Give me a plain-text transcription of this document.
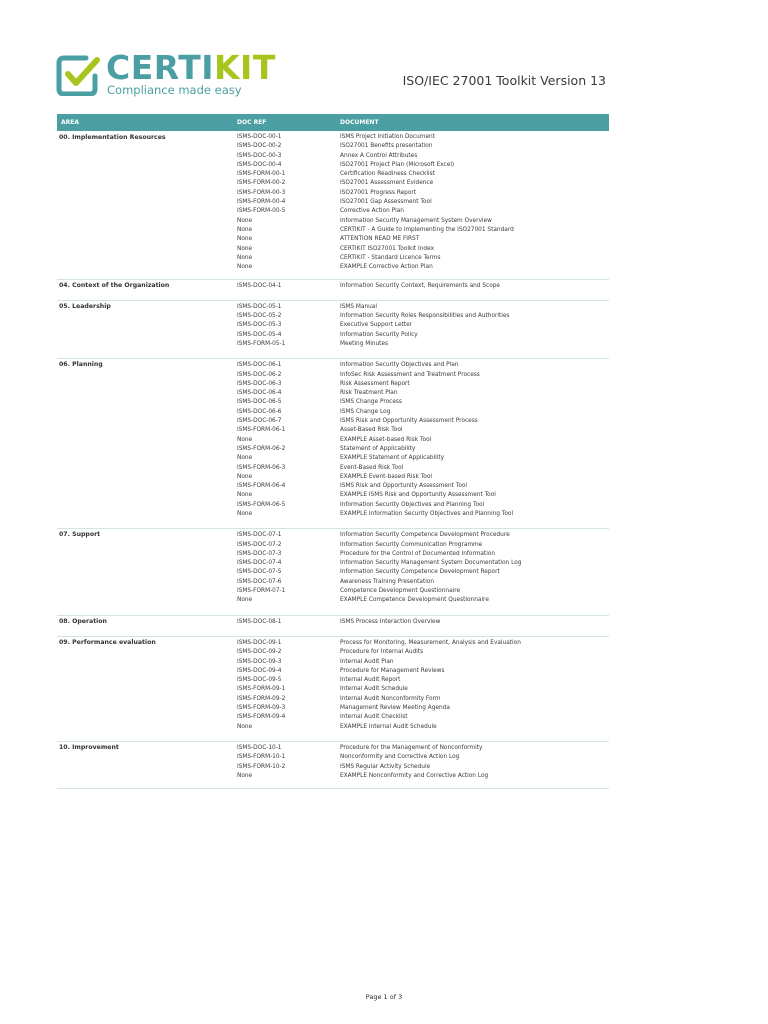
CERTIKIT
Compliance made easy
ISO/IEC 27001 Toolkit Version 13
AREA	DOC REF	DOCUMENT
00. Implementation Resources	ISMS-DOC-00-1	ISMS Project Initiation Document
ISMS-DOC-00-2	ISO27001 Benefits presentation
ISMS-DOC-00-3	Annex A Control Attributes
ISMS-DOC-00-4	ISO27001 Project Plan (Microsoft Excel)
ISMS-FORM-00-1	Certification Readiness Checklist
ISMS-FORM-00-2	ISO27001 Assessment Evidence
ISMS-FORM-00-3	ISO27001 Progress Report
ISMS-FORM-00-4	ISO27001 Gap Assessment Tool
ISMS-FORM-00-5	Corrective Action Plan
None	Information Security Management System Overview
None	CERTIKIT - A Guide to implementing the ISO27001 Standard
None	ATTENTION READ ME FIRST
None	CERTIKIT ISO27001 Toolkit Index
None	CERTIKIT - Standard Licence Terms
None	EXAMPLE Corrective Action Plan
04. Context of the Organization	ISMS-DOC-04-1	Information Security Context, Requirements and Scope
05. Leadership	ISMS-DOC-05-1	ISMS Manual
ISMS-DOC-05-2	Information Security Roles Responsibilities and Authorities
ISMS-DOC-05-3	Executive Support Letter
ISMS-DOC-05-4	Information Security Policy
ISMS-FORM-05-1	Meeting Minutes
06. Planning	ISMS-DOC-06-1	Information Security Objectives and Plan
ISMS-DOC-06-2	InfoSec Risk Assessment and Treatment Process
ISMS-DOC-06-3	Risk Assessment Report
ISMS-DOC-06-4	Risk Treatment Plan
ISMS-DOC-06-5	ISMS Change Process
ISMS-DOC-06-6	ISMS Change Log
ISMS-DOC-06-7	ISMS Risk and Opportunity Assessment Process
ISMS-FORM-06-1	Asset-Based Risk Tool
None	EXAMPLE Asset-based Risk Tool
ISMS-FORM-06-2	Statement of Applicability
None	EXAMPLE Statement of Applicability
ISMS-FORM-06-3	Event-Based Risk Tool
None	EXAMPLE Event-based Risk Tool
ISMS-FORM-06-4	ISMS Risk and Opportunity Assessment Tool
None	EXAMPLE ISMS Risk and Opportunity Assessment Tool
ISMS-FORM-06-5	Information Security Objectives and Planning Tool
None	EXAMPLE Information Security Objectives and Planning Tool
07. Support	ISMS-DOC-07-1	Information Security Competence Development Procedure
ISMS-DOC-07-2	Information Security Communication Programme
ISMS-DOC-07-3	Procedure for the Control of Documented Information
ISMS-DOC-07-4	Information Security Management System Documentation Log
ISMS-DOC-07-5	Information Security Competence Development Report
ISMS-DOC-07-6	Awareness Training Presentation
ISMS-FORM-07-1	Competence Development Questionnaire
None	EXAMPLE Competence Development Questionnaire
08. Operation	ISMS-DOC-08-1	ISMS Process Interaction Overview
09. Performance evaluation	ISMS-DOC-09-1	Process for Monitoring, Measurement, Analysis and Evaluation
ISMS-DOC-09-2	Procedure for Internal Audits
ISMS-DOC-09-3	Internal Audit Plan
ISMS-DOC-09-4	Procedure for Management Reviews
ISMS-DOC-09-5	Internal Audit Report
ISMS-FORM-09-1	Internal Audit Schedule
ISMS-FORM-09-2	Internal Audit Nonconformity Form
ISMS-FORM-09-3	Management Review Meeting Agenda
ISMS-FORM-09-4	Internal Audit Checklist
None	EXAMPLE Internal Audit Schedule
10. Improvement	ISMS-DOC-10-1	Procedure for the Management of Nonconformity
ISMS-FORM-10-1	Nonconformity and Corrective Action Log
ISMS-FORM-10-2	ISMS Regular Activity Schedule
None	EXAMPLE Nonconformity and Corrective Action Log
Page 1 of 3
